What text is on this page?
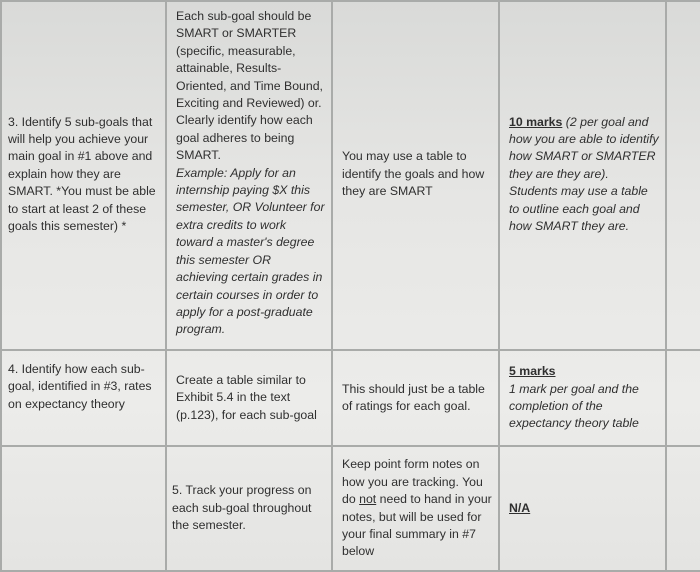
3. Identify 5 sub-goals that will help you achieve your main goal in #1 above and explain how they are SMART. *You must be able to start at least 2 of these goals this semester) *

Each sub-goal should be SMART or SMARTER (specific, measurable, attainable, Results-Oriented, and Time Bound, Exciting and Reviewed) or. Clearly identify how each goal adheres to being SMART.

Example: Apply for an internship paying $X this semester, OR Volunteer for extra credits to work toward a master's degree this semester OR achieving certain grades in certain courses in order to apply for a post-graduate program.

You may use a table to identify the goals and how they are SMART

10 marks (2 per goal and how you are able to identify how SMART or SMARTER they are they are). Students may use a table to outline each goal and how SMART they are.

4. Identify how each sub-goal, identified in #3, rates on expectancy theory

Create a table similar to Exhibit 5.4 in the text (p.123), for each sub-goal

This should just be a table of ratings for each goal.

5 marks

1 mark per goal and the completion of the expectancy theory table

5. Track your progress on each sub-goal throughout the semester.

Keep point form notes on how you are tracking. You do not need to hand in your notes, but will be used for your final summary in #7 below

N/A
